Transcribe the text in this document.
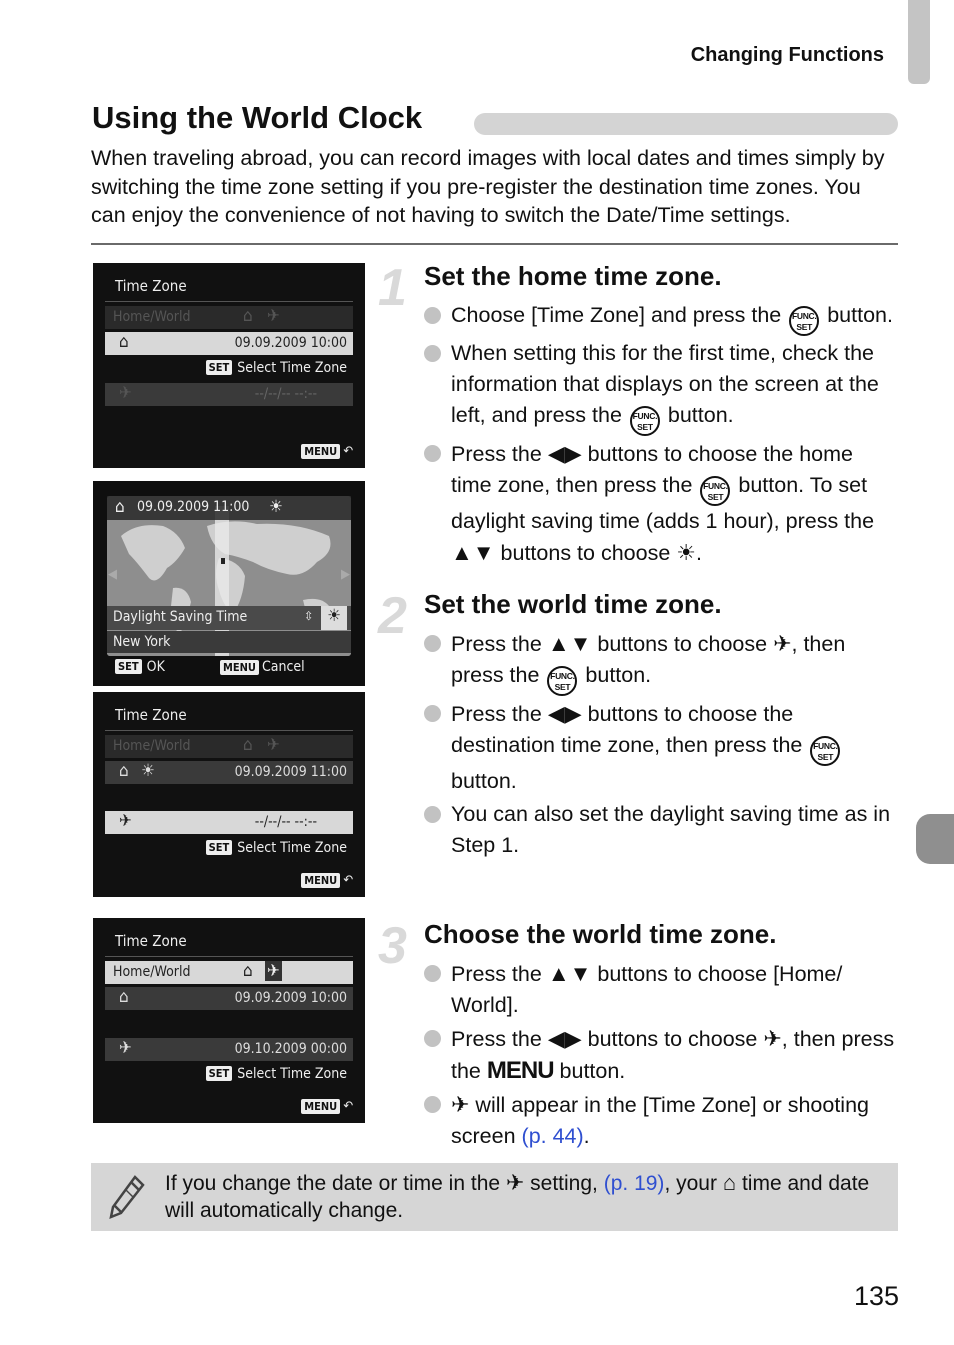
Changing Functions
Using the World Clock
When traveling abroad, you can record images with local dates and times simply by switching the time zone setting if you pre-register the destination time zones. You can enjoy the convenience of not having to switch the Date/Time settings.
Time Zone
Home/World	⌂ ✈
⌂	09.09.2009 10:00
SET Select Time Zone
✈	--/--/-- --:--
MENU ↶
⌂ 09.09.2009 11:00 ☀
◀	▶
Daylight Saving Time	⇳ ☀
New York
SET OK	MENU Cancel
Time Zone
Home/World	⌂ ✈
⌂ ☀	09.09.2009 11:00
✈	--/--/-- --:--
SET Select Time Zone
MENU ↶
Time Zone
Home/World	⌂ ✈
⌂	09.09.2009 10:00
✈	09.10.2009 00:00
SET Select Time Zone
MENU ↶
1 Set the home time zone.
Choose [Time Zone] and press the FUNC.
SET button.
When setting this for the first time, check the information that displays on the screen at the left, and press the FUNC.
SET button.
Press the ◀▶ buttons to choose the home time zone, then press the FUNC.
SET button. To set daylight saving time (adds 1 hour), press the ▲▼ buttons to choose ☀.
2 Set the world time zone.
Press the ▲▼ buttons to choose ✈, then press the FUNC.
SET button.
Press the ◀▶ buttons to choose the destination time zone, then press the FUNC.
SET button.
You can also set the daylight saving time as in Step 1.
3 Choose the world time zone.
Press the ▲▼ buttons to choose [Home/ World].
Press the ◀▶ buttons to choose ✈, then press the MENU button.
✈ will appear in the [Time Zone] or shooting screen (p. 44).
If you change the date or time in the ✈ setting, (p. 19), your ⌂ time and date will automatically change.
135
